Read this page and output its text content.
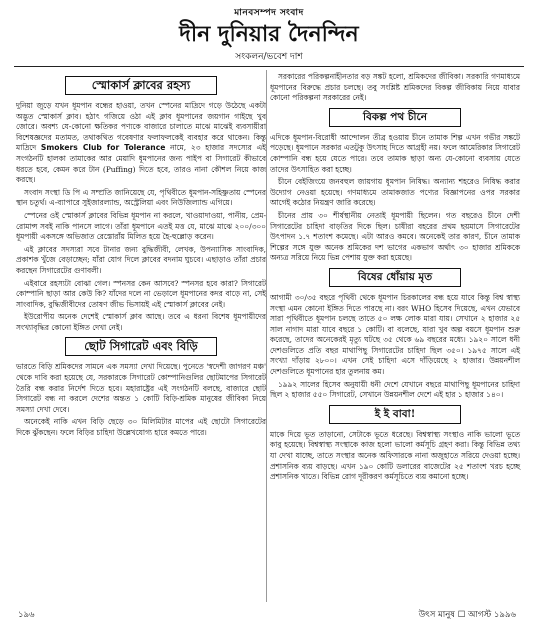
মানবসম্পদ সংবাদ
দীন দুনিয়ার দৈনন্দিন
সংকলন/ভবেশ দাশ
স্মোকার্স ক্লাবের রহস্য

দুনিয়া জুড়ে যখন ধূমপান বন্ধের হাওয়া, তখন স্পেনের মাদ্রিদে গড়ে উঠেছে একটা অদ্ভুত স্মোকার্স ক্লাব। হঠাৎ গজিয়ে ওঠা এই ক্লাব ধূমপানের জয়গান গাইছে খুব জোরে। অবশ্য যে-কোনো ক্ষতিকর পণ্যকে বাজারে চালাতে মাঝে মাঝেই ব্যবসায়ীরা বিশেষজ্ঞদের মতামত, তথাকথিত গবেষণার ফলাফলকেই ব্যবহার করে থাকেন। কিন্তু মাদ্রিদে Smokers Club for Tolerance নামে, ২৩ হাজার সদস্যের এই সংগঠনটি হালকা তামাকের আর মেয়াদি ধূমপানের জন্য পাইপ বা সিগারেট কীভাবে ধরতে হবে, কেমন করে টান (Puffing) দিতে হবে, তারও নানা কৌশল নিয়ে কাজ করছে।

সংবাদ সংস্থা ডি পি এ সম্প্রতি জানিয়েছে যে, পৃথিবীতে ধূমপান-সহিষ্ণুতায় স্পেনের স্থান চতুর্থ। এ-ব্যাপারে সুইজারল্যান্ড, অস্ট্রেলিয়া এবং নিউজিল্যান্ড এগিয়ে।

স্পেনের ওই স্মোকার্স ক্লাবের বিভিন্ন ধূমপান না করলে, খাওয়াদাওয়া, পানীয়, প্রেম-রোমান্স সবই নাকি পানসে লাগে। তাঁরা ধূমপানে এতই মত্ত যে, মাঝে মাঝে ২০০/৩০০ ধূমপায়ী একসঙ্গে অভিজাত রেস্তোরাঁয় মিলিত হয়ে হৈ-হুল্লোড় করেন।

এই ক্লাবের সদস্যরা সবে টানার জন্য বুদ্ধিজীবী, লেখক, উপন্যাসিক সাংবাদিক, প্রকাশক খুঁজে বেড়াচ্ছেন; যাঁরা যোগ দিলে ক্লাবের বদনাম ঘুচবে। এছাড়াও তাঁরা প্রচার করছেন সিগারেটের গুণাবলী।

এইবারে রহস্যটা বোঝা গেল। স্পনসর কেন আসবে? স্পনসর হবে কারা? সিগারেট কোম্পানি ছাড়া আর কেউ কি? যাঁদের দলে না ভেড়ালে ধূমপানের কদর বাড়ে না, সেই সাংবাদিক, বুদ্ধিজীবীদের তোষণ জীভ ভিসায়ই এই স্মোকার্স ক্লাবের নেই।

ইউরোপীয় অনেক দেশেই স্মোকার্স ক্লাব আছে। তবে এ ধরনা বিশেষ ধূমপায়ীদের সংখ্যাবৃদ্ধির কোনো ইঙ্গিত দেখা নেই।

ছোট সিগারেট এবং বিড়ি

ভারতে বিড়ি শ্রমিকদের সামনে এক সমস্যা দেখা দিয়েছে। পুনেতে 'স্বদেশী জাগরণ মঞ্চ' থেকে দাবি করা হয়েছে যে, সরকারকে সিগারেট কোম্পানিগুলির ছোটমাপের সিগারেট তৈরি বন্ধ করার নির্দেশ দিতে হবে। মহারাষ্ট্রের এই সংগঠনটি বলছে, বাজারে ছোট সিগারেট বন্ধ না করলে দেশের অন্তত ১ কোটি বিড়ি-শ্রমিক মানুষের জীবিকা নিয়ে সমস্যা দেখা দেবে।

অনেকেই নাকি এখন বিড়ি ছেড়ে ৩০ মিলিমিটার মাপের এই ছোটো সিগারেটের দিকে ঝুঁকছেন। ফলে বিড়ির চাহিদা উল্লেখযোগ্য হারে কমতে পারে।

সরকারের পরিকল্পনাহীনতার বড় সঙ্কট হলো, শ্রমিকদের জীবিকা। সরকারি গণমাধ্যমে ধূমপানের বিরুদ্ধে প্রচার চলছে। তবু সংশ্লিষ্ট শ্রমিকদের বিকল্প জীবিকায় নিয়ে যাবার কোনো পরিকল্পনা সরকারের নেই।

বিকল্প পথ চীনে

এদিকে ধূমপান-বিরোধী আন্দোলন তীব্র হওয়ায় চীনে তামাক শিল্প এখন গভীর সঙ্কটে পড়েছে। ধূমপানে সরকার এতটুকু উৎসাহ দিতে আগ্রহী নয়। ফলে আমেরিকার সিগারেট কোম্পানি বন্ধ হয়ে যেতে পারে। তবে তামাক ছাড়া অন্য যে-কোনো ব্যবসায় যেতে তাদের উৎসাহিত করা হচ্ছে।

চীনে বেইজিংয়ে জনবহুল জায়গায় ধূমপান নিষিদ্ধ। অন্যান্য শহরেও নিষিদ্ধ করার উদ্যোগ নেওয়া হয়েছে। গণমাধ্যমে তামাকজাত পণ্যের বিজ্ঞাপনের ওপর সরকার আগেই কঠোর নিয়ন্ত্রণ জারি করেছে।

চীনের প্রায় ৩০ শীর্ষস্থানীয় নেতাই ধূমপায়ী ছিলেন। গত বছরেও চীনে দেশী সিগারেটের চাহিদা বাড়তির দিকে ছিল। চাষীরা বহরের প্রথম ছয়মাসে সিগারেটের উৎপাদন ১.৭ শতাংশ কমেছে। এটা আরও কমবে। অনেকেই তার কারণ, চীনে তামাক শিল্পের সঙ্গে যুক্ত অনেক শ্রমিকের দশ ভাগের একভাগ অর্থাৎ ৩০ হাজার শ্রমিককে অন্যত্র সরিয়ে নিয়ে ভিন্ন পেশায় যুক্ত করা হয়েছে।

বিষের ধোঁয়ায় মৃত

আগামী ৩০/৩৫ বছরে পৃথিবী থেকে ধূমপান চিরকালের বন্ধ হয়ে যাবে কিন্তু বিশ্ব স্বাস্থ্য সংস্থা এমন কোনো ইঙ্গিত দিতে পারছে না। বরং WHO হিসেব দিয়েছে, এখন যেভাবে সারা পৃথিবীতে ধূমপান চলছে তাতে ৫০ লক্ষ লোক মারা যায়। সেখানে ২ হাজার ২৫ সাল নাগাদ মারা যাবে বছরে ১ কোটি। বা বলেছে, যারা খুব অল্প বয়সে ধূমপান শুরু করেছে, তাদের অনেকেরই মৃত্যু ঘটছে ৩৫ থেকে ৬৯ বছরের মধ্যে। ১৯২০ সালে ধনী দেশগুলিতে প্রতি বছর মাথাপিছু সিগারেটের চাহিদা ছিল ৩৫০। ১৯৭৫ সালে এই সংখ্যা দাঁড়ায় ২৮০০। এখন সেই চাহিদা এসে দাঁড়িয়েছে ২ হাজার। উন্নয়নশীল দেশগুলিতে ধূমপানের হার তুলনায় কম।

১৯৯২ সালের হিসেব অনুযায়ী ধনী দেশে যেখানে বছরে মাথাপিছু ধূমপানের চাহিদা ছিল ২ হাজার ৫৫০ সিগারেট, সেখানে উন্নয়নশীল দেশে এই হার ১ হাজার ১৪০।

ই ই বাবা!

মাকে দিয়ে ভূত তাড়ানো, সেটাকে ভূতে ধরেছে। বিশ্বস্বাস্থ্য সংস্থাও নাকি ভালো ভূতে কাবু হয়েছে। বিশ্বস্বাস্থ্য সংস্থাকে কাজ হলো ভালো কর্মসূচি গ্রহণ করা। কিন্তু বিভিন্ন তথ্য যা দেখা যাচ্ছে, তাতে সংস্থার অনেক অফিসারকে নানা অজুহাতে সরিয়ে দেওয়া হচ্ছে। প্রশাসনিক ব্যয় বাড়ছে। এখন ১৯০ কোটি ডলারের বাজেটের ২৫ শতাংশ খরচ হচ্ছে প্রশাসনিক খাতে। বিভিন্ন রোগ দূরীকরণ কর্মসূচিতে ব্যয় কমানো হচ্ছে।

১৯৬	উৎস মানুষ ☐ আগস্ট ১৯৯৬
